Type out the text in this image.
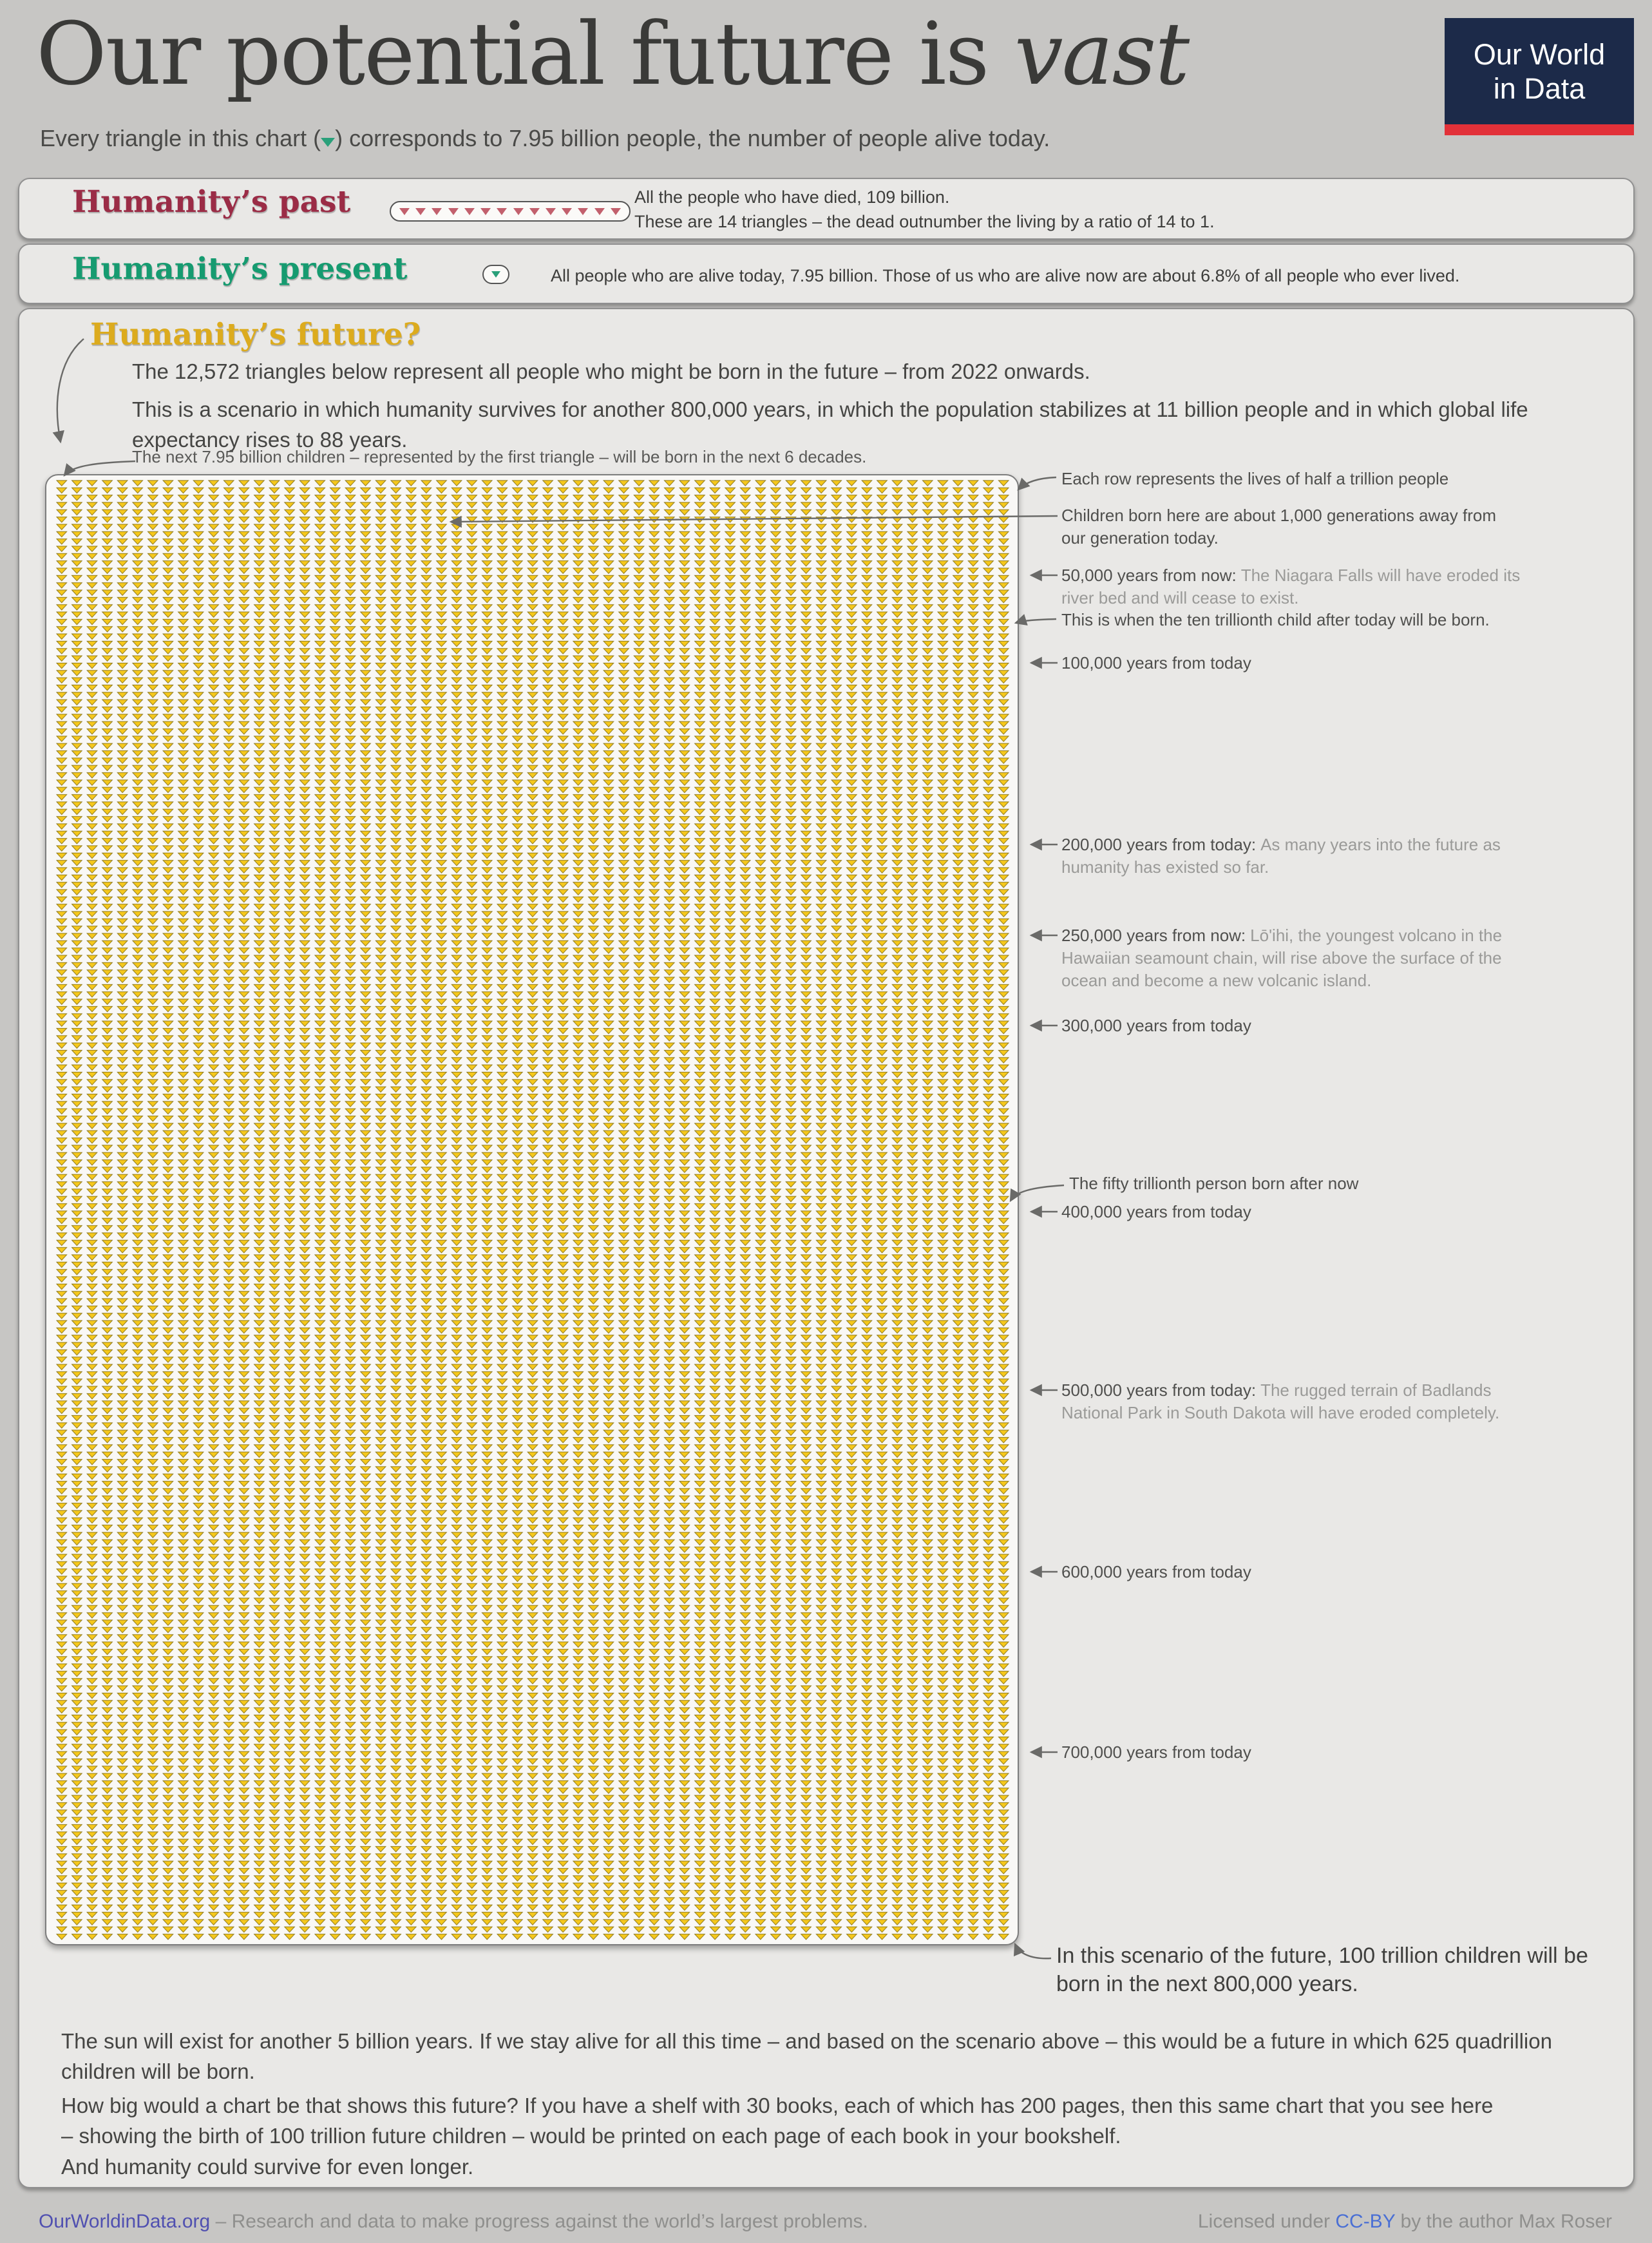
Our potential future is vast	Our World
in Data
Every triangle in this chart ( ) corresponds to 7.95 billion people, the number of people alive today.
Humanity’s past	All the people who have died, 109 billion.
These are 14 triangles – the dead outnumber the living by a ratio of 14 to 1.
Humanity’s present	All people who are alive today, 7.95 billion. Those of us who are alive now are about 6.8% of all people who ever lived.
Humanity’s future?
The 12,572 triangles below represent all people who might be born in the future – from 2022 onwards.
This is a scenario in which humanity survives for another 800,000 years, in which the population stabilizes at 11 billion people and in which global life expectancy rises to 88 years.
The next 7.95 billion children – represented by the first triangle – will be born in the next 6 decades.
Each row represents the lives of half a trillion people
Children born here are about 1,000 generations away from our generation today.
50,000 years from now: The Niagara Falls will have eroded its river bed and will cease to exist.
This is when the ten trillionth child after today will be born.
100,000 years from today
200,000 years from today: As many years into the future as humanity has existed so far.
250,000 years from now: Lō'ihi, the youngest volcano in the Hawaiian seamount chain, will rise above the surface of the ocean and become a new volcanic island.
300,000 years from today
The fifty trillionth person born after now
400,000 years from today
500,000 years from today: The rugged terrain of Badlands National Park in South Dakota will have eroded completely.
600,000 years from today
700,000 years from today
In this scenario of the future, 100 trillion children will be born in the next 800,000 years.
The sun will exist for another 5 billion years. If we stay alive for all this time – and based on the scenario above – this would be a future in which 625 quadrillion children will be born.
How big would a chart be that shows this future? If you have a shelf with 30 books, each of which has 200 pages, then this same chart that you see here – showing the birth of 100 trillion future children – would be printed on each page of each book in your bookshelf.
And humanity could survive for even longer.
OurWorldinData.org – Research and data to make progress against the world’s largest problems.	Licensed under CC-BY by the author Max Roser
